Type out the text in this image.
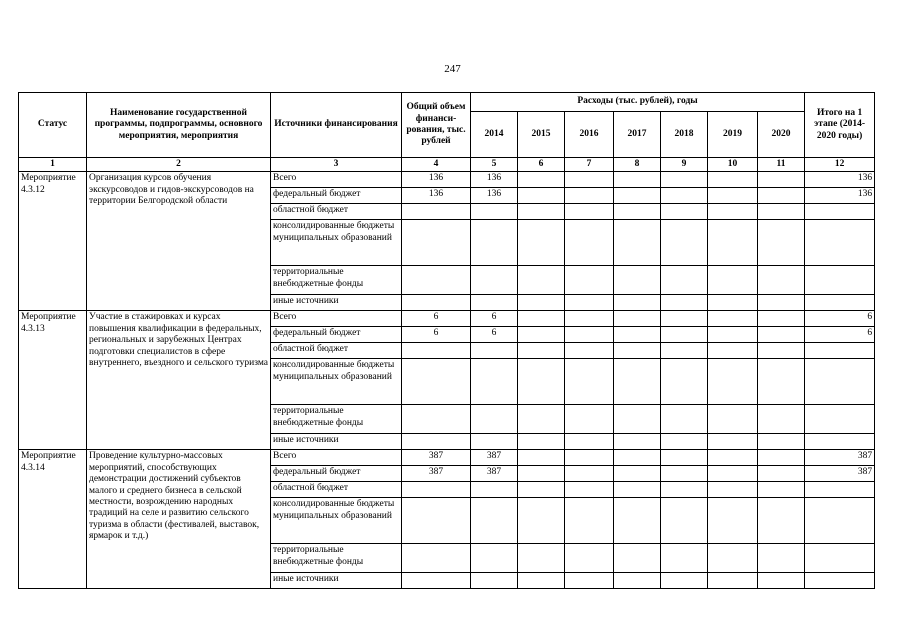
247
Статус	Наименование государственной программы, подпрограммы, основного мероприятия, мероприятия	Источники финансирования	Общий объем финанси-рования, тыс. рублей	Расходы (тыс. рублей), годы							Итого на 1 этапе (2014-2020 годы)
				2014	2015	2016	2017	2018	2019	2020	
1	2	3	4	5	6	7	8	9	10	11	12
Мероприятие 4.3.12	Организация курсов обучения экскурсоводов и гидов-экскурсоводов на территории Белгородской области	Всего	136	136							136
		федеральный бюджет	136	136							136
		областной бюджет									
		консолидированные бюджеты муниципальных образований									
		территориальные внебюджетные фонды									
		иные источники									
Мероприятие 4.3.13	Участие в стажировках и курсах повышения квалификации в федеральных, региональных и зарубежных Центрах подготовки специалистов в сфере внутреннего, въездного и сельского туризма	Всего	6	6							6
		федеральный бюджет	6	6							6
		областной бюджет									
		консолидированные бюджеты муниципальных образований									
		территориальные внебюджетные фонды									
		иные источники									
Мероприятие 4.3.14	Проведение культурно-массовых мероприятий, способствующих демонстрации достижений субъектов малого и среднего бизнеса в сельской местности, возрождению народных традиций на селе и развитию сельского туризма в области (фестивалей, выставок, ярмарок и т.д.)	Всего	387	387							387
		федеральный бюджет	387	387							387
		областной бюджет									
		консолидированные бюджеты муниципальных образований									
		территориальные внебюджетные фонды									
		иные источники									
